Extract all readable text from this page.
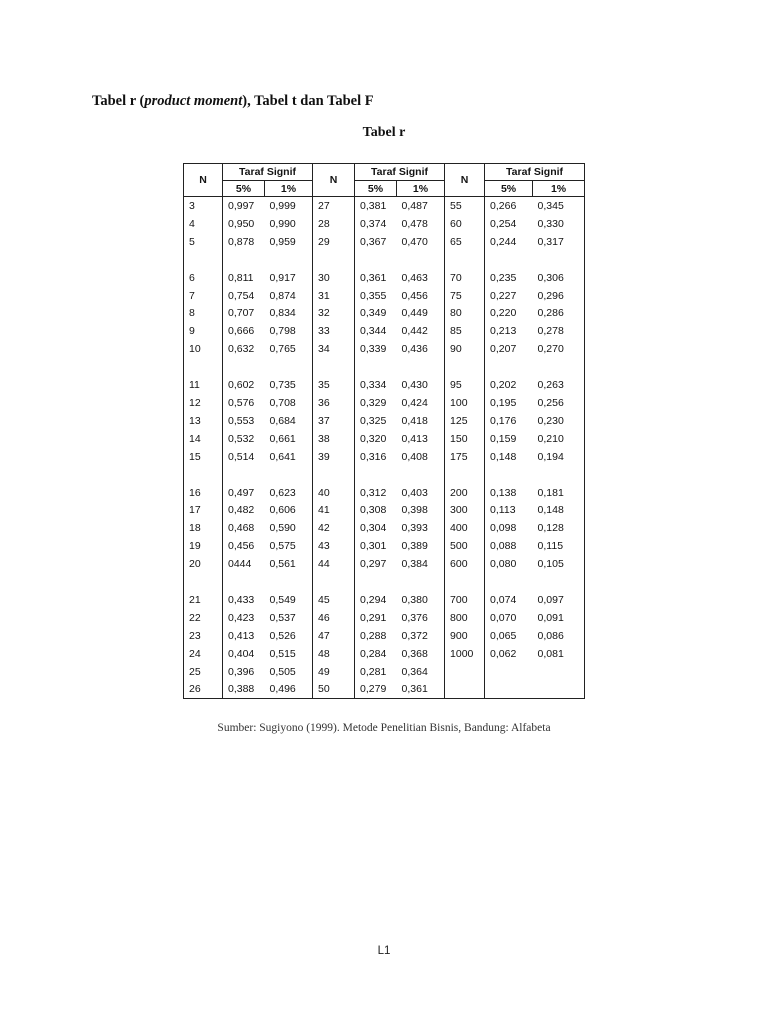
Tabel r (product moment), Tabel t dan Tabel F
Tabel r
N	Taraf Signif		N	Taraf Signif		N	Taraf Signif	
	5%	1%		5%	1%		5%	1%
3	0,997	0,999	27	0,381	0,487	55	0,266	0,345
4	0,950	0,990	28	0,374	0,478	60	0,254	0,330
5	0,878	0,959	29	0,367	0,470	65	0,244	0,317

6	0,811	0,917	30	0,361	0,463	70	0,235	0,306
7	0,754	0,874	31	0,355	0,456	75	0,227	0,296
8	0,707	0,834	32	0,349	0,449	80	0,220	0,286
9	0,666	0,798	33	0,344	0,442	85	0,213	0,278
10	0,632	0,765	34	0,339	0,436	90	0,207	0,270

11	0,602	0,735	35	0,334	0,430	95	0,202	0,263
12	0,576	0,708	36	0,329	0,424	100	0,195	0,256
13	0,553	0,684	37	0,325	0,418	125	0,176	0,230
14	0,532	0,661	38	0,320	0,413	150	0,159	0,210
15	0,514	0,641	39	0,316	0,408	175	0,148	0,194

16	0,497	0,623	40	0,312	0,403	200	0,138	0,181
17	0,482	0,606	41	0,308	0,398	300	0,113	0,148
18	0,468	0,590	42	0,304	0,393	400	0,098	0,128
19	0,456	0,575	43	0,301	0,389	500	0,088	0,115
20	0444	0,561	44	0,297	0,384	600	0,080	0,105

21	0,433	0,549	45	0,294	0,380	700	0,074	0,097
22	0,423	0,537	46	0,291	0,376	800	0,070	0,091
23	0,413	0,526	47	0,288	0,372	900	0,065	0,086
24	0,404	0,515	48	0,284	0,368	1000	0,062	0,081
25	0,396	0,505	49	0,281	0,364			
26	0,388	0,496	50	0,279	0,361			
Sumber: Sugiyono (1999). Metode Penelitian Bisnis, Bandung: Alfabeta
L1
